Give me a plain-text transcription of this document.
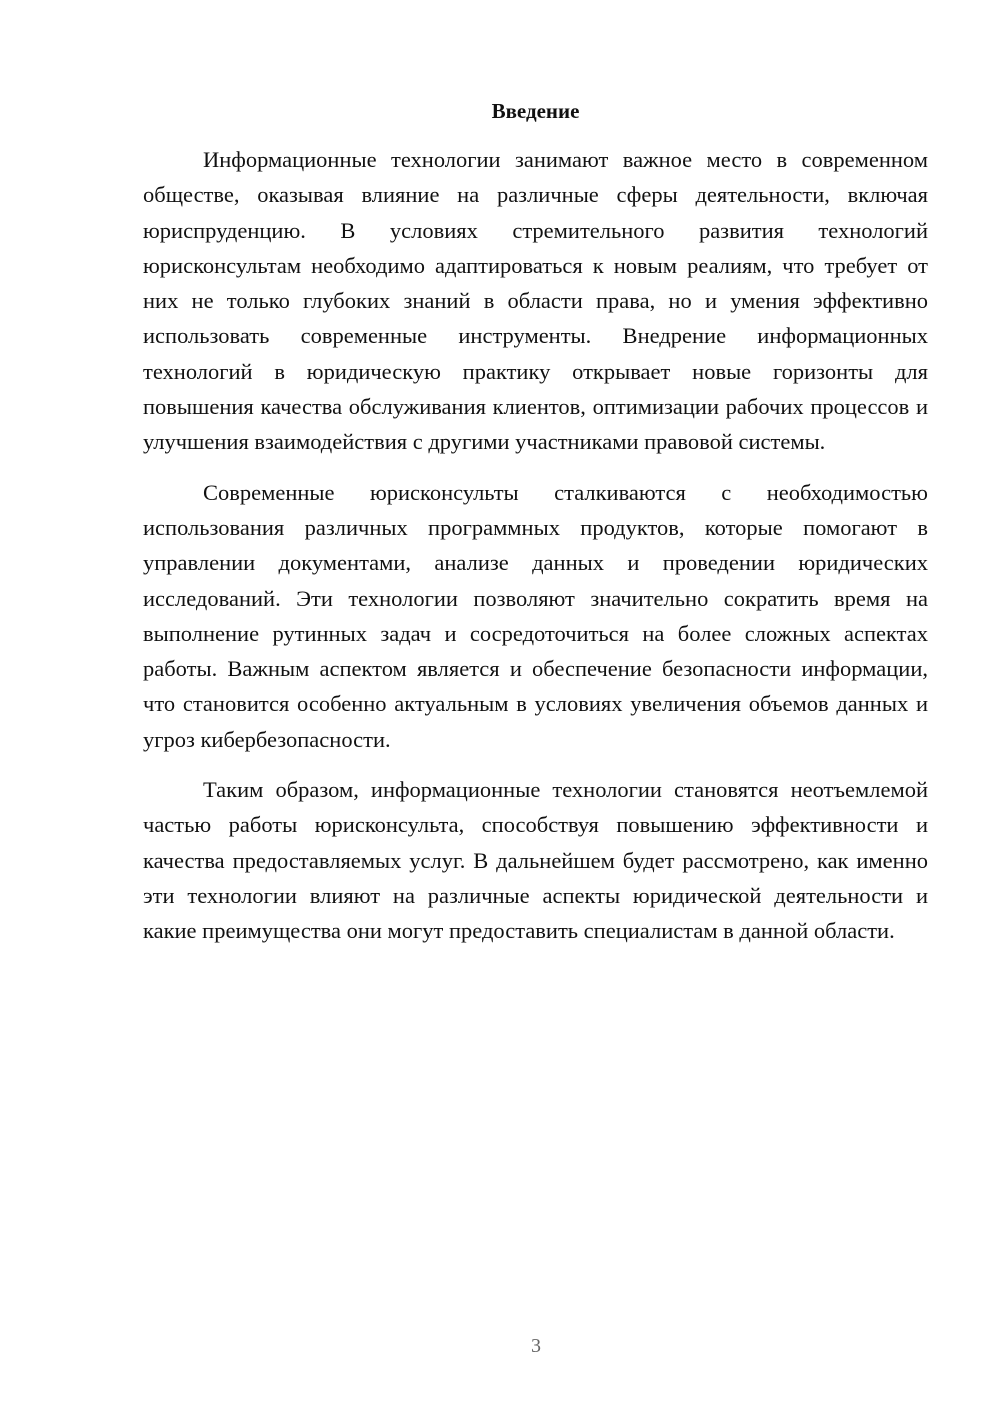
Введение

Информационные технологии занимают важное место в современном обществе, оказывая влияние на различные сферы деятельности, включая юриспруденцию. В условиях стремительного развития технологий юрисконсультам необходимо адаптироваться к новым реалиям, что требует от них не только глубоких знаний в области права, но и умения эффективно использовать современные инструменты. Внедрение информационных технологий в юридическую практику открывает новые горизонты для повышения качества обслуживания клиентов, оптимизации рабочих процессов и улучшения взаимодействия с другими участниками правовой системы.

Современные юрисконсульты сталкиваются с необходимостью использования различных программных продуктов, которые помогают в управлении документами, анализе данных и проведении юридических исследований. Эти технологии позволяют значительно сократить время на выполнение рутинных задач и сосредоточиться на более сложных аспектах работы. Важным аспектом является и обеспечение безопасности информации, что становится особенно актуальным в условиях увеличения объемов данных и угроз кибербезопасности.

Таким образом, информационные технологии становятся неотъемлемой частью работы юрисконсульта, способствуя повышению эффективности и качества предоставляемых услуг. В дальнейшем будет рассмотрено, как именно эти технологии влияют на различные аспекты юридической деятельности и какие преимущества они могут предоставить специалистам в данной области.

3
